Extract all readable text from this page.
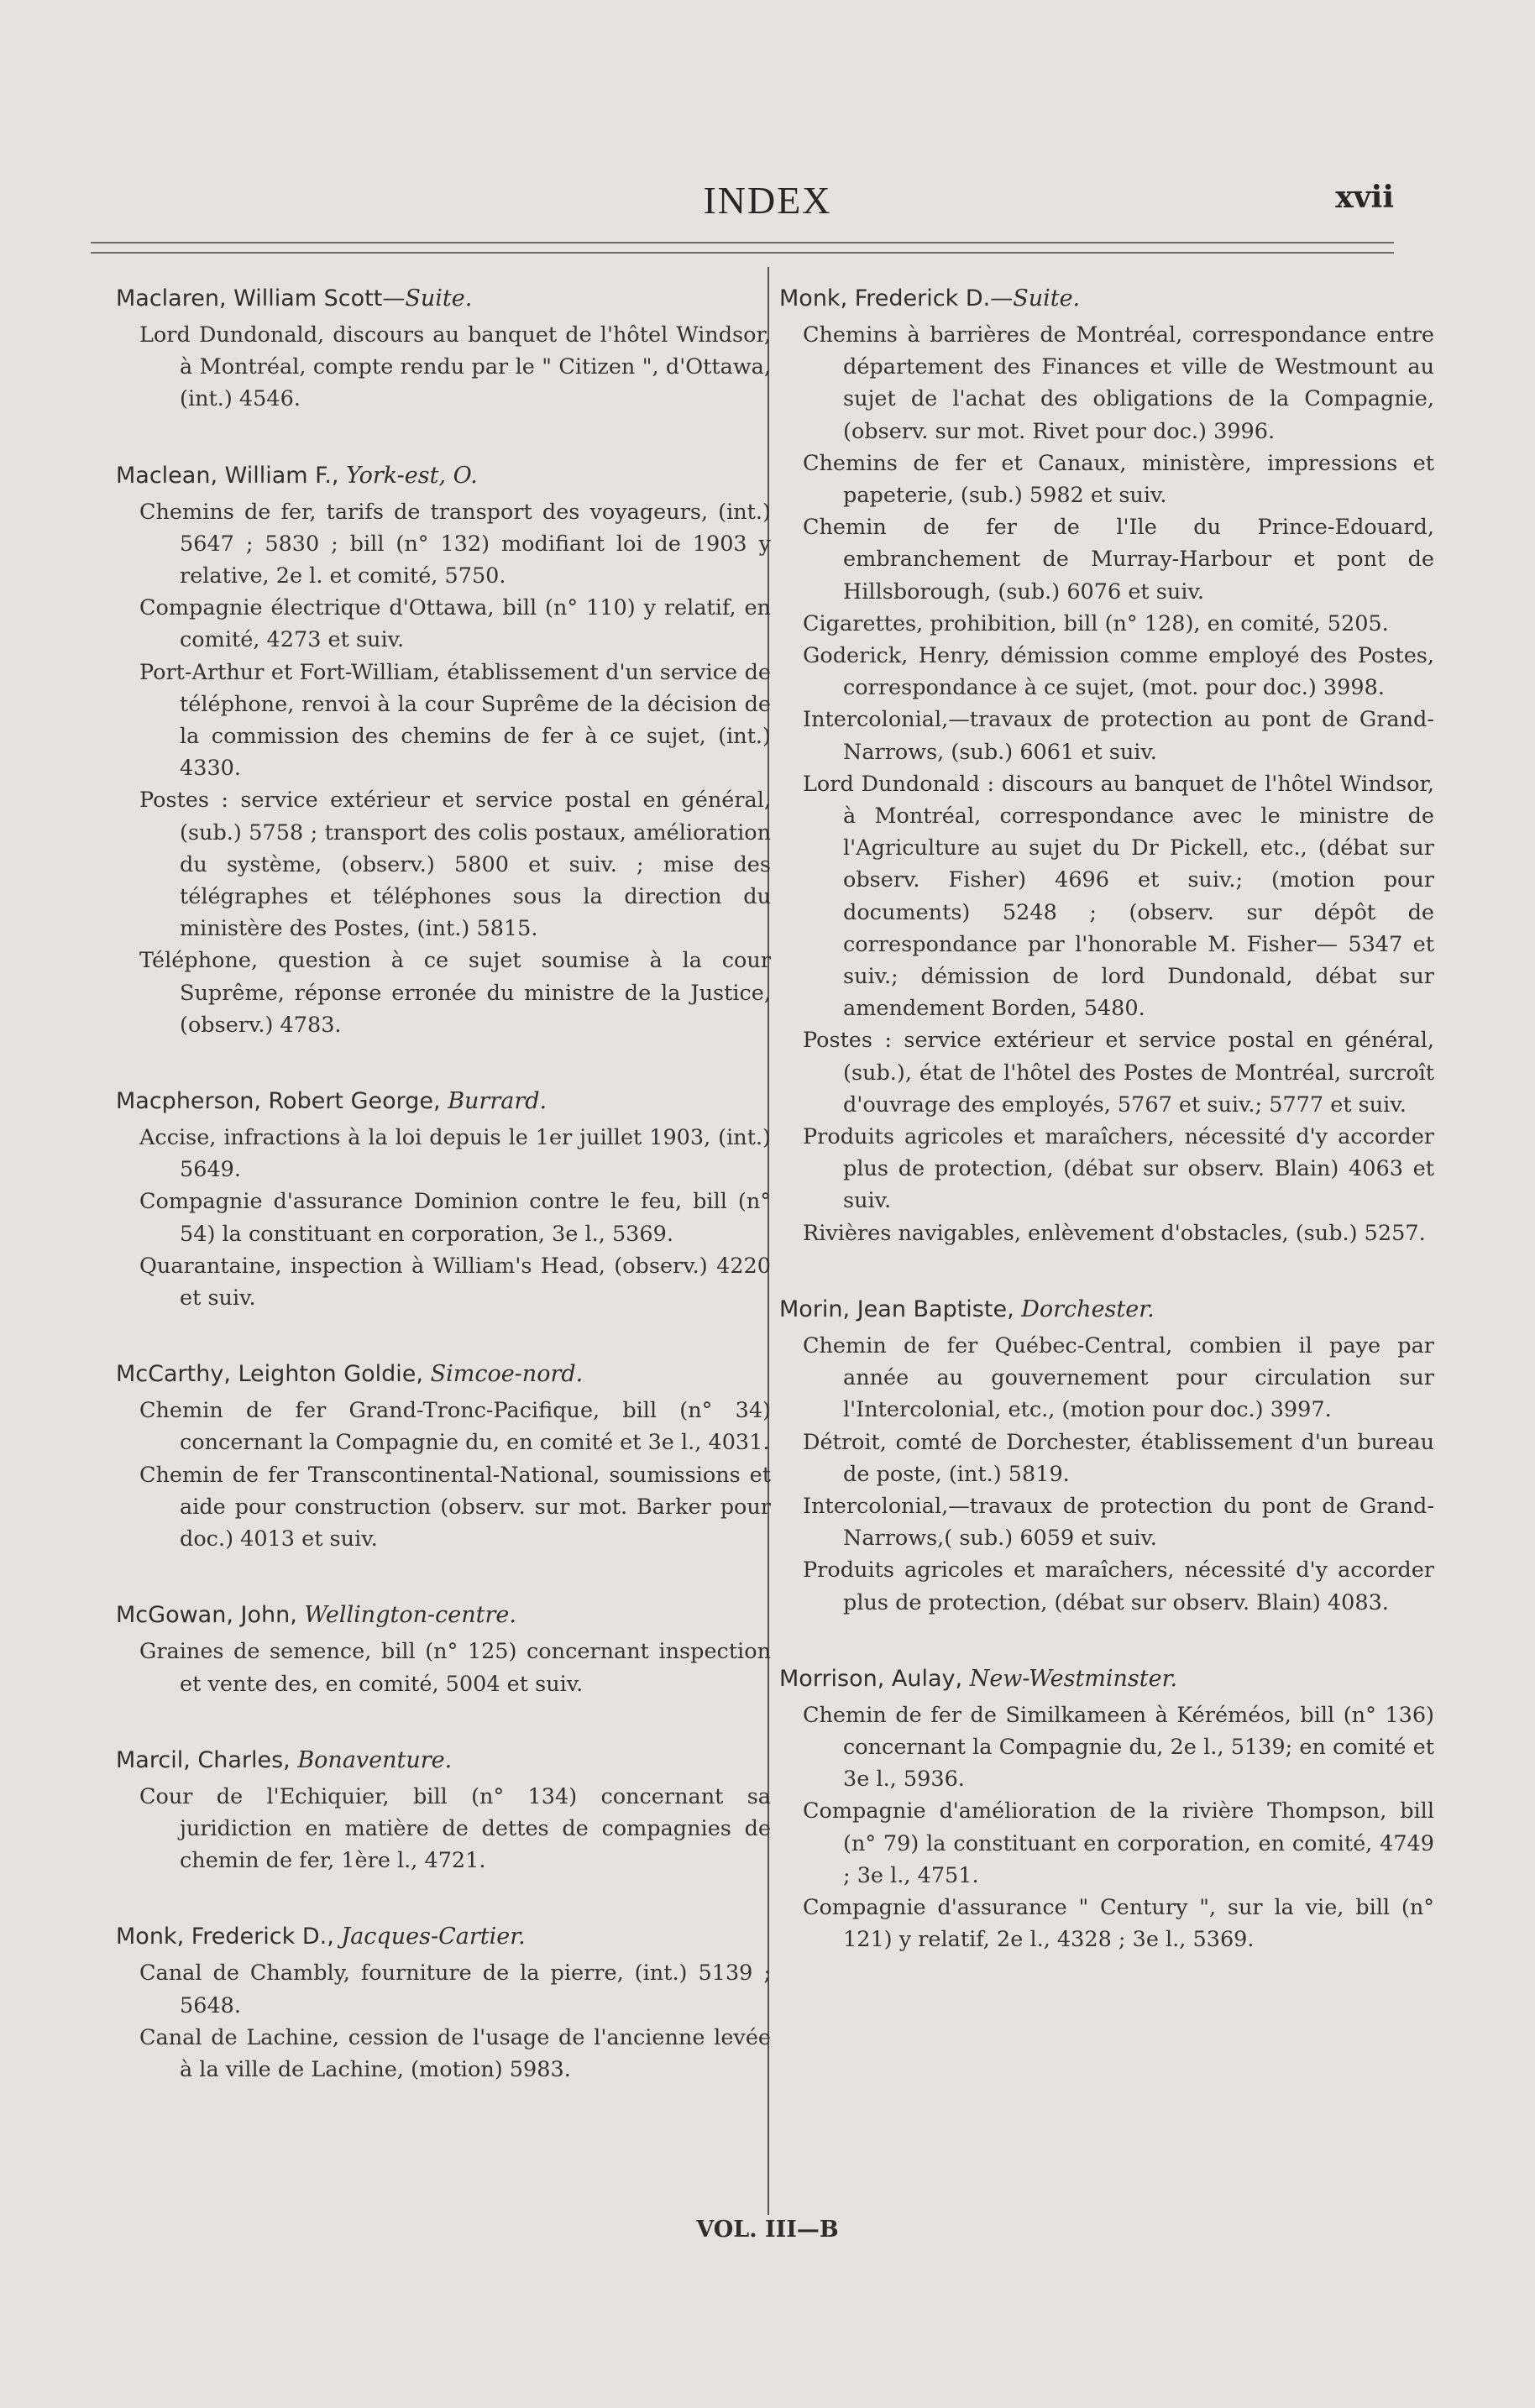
INDEX	xvii
Maclaren, William Scott—Suite.
Lord Dundonald, discours au banquet de l'hôtel Windsor, à Montréal, compte rendu par le " Citizen ", d'Ottawa, (int.) 4546.
Maclean, William F., York-est, O.
Chemins de fer, tarifs de transport des voyageurs, (int.) 5647 ; 5830 ; bill (n° 132) modifiant loi de 1903 y relative, 2e l. et comité, 5750.
Compagnie électrique d'Ottawa, bill (n° 110) y relatif, en comité, 4273 et suiv.
Port-Arthur et Fort-William, établissement d'un service de téléphone, renvoi à la cour Suprême de la décision de la commission des chemins de fer à ce sujet, (int.) 4330.
Postes : service extérieur et service postal en général, (sub.) 5758 ; transport des colis postaux, amélioration du système, (observ.) 5800 et suiv. ; mise des télégraphes et téléphones sous la direction du ministère des Postes, (int.) 5815.
Téléphone, question à ce sujet soumise à la cour Suprême, réponse erronée du ministre de la Justice, (observ.) 4783.
Macpherson, Robert George, Burrard.
Accise, infractions à la loi depuis le 1er juillet 1903, (int.) 5649.
Compagnie d'assurance Dominion contre le feu, bill (n° 54) la constituant en corporation, 3e l., 5369.
Quarantaine, inspection à William's Head, (observ.) 4220 et suiv.
McCarthy, Leighton Goldie, Simcoe-nord.
Chemin de fer Grand-Tronc-Pacifique, bill (n° 34) concernant la Compagnie du, en comité et 3e l., 4031.
Chemin de fer Transcontinental-National, soumissions et aide pour construction (observ. sur mot. Barker pour doc.) 4013 et suiv.
McGowan, John, Wellington-centre.
Graines de semence, bill (n° 125) concernant inspection et vente des, en comité, 5004 et suiv.
Marcil, Charles, Bonaventure.
Cour de l'Echiquier, bill (n° 134) concernant sa juridiction en matière de dettes de compagnies de chemin de fer, 1ère l., 4721.
Monk, Frederick D., Jacques-Cartier.
Canal de Chambly, fourniture de la pierre, (int.) 5139 ; 5648.
Canal de Lachine, cession de l'usage de l'ancienne levée à la ville de Lachine, (motion) 5983.
Monk, Frederick D.—Suite.
Chemins à barrières de Montréal, correspondance entre département des Finances et ville de Westmount au sujet de l'achat des obligations de la Compagnie, (observ. sur mot. Rivet pour doc.) 3996.
Chemins de fer et Canaux, ministère, impressions et papeterie, (sub.) 5982 et suiv.
Chemin de fer de l'Ile du Prince-Edouard, embranchement de Murray-Harbour et pont de Hillsborough, (sub.) 6076 et suiv.
Cigarettes, prohibition, bill (n° 128), en comité, 5205.
Goderick, Henry, démission comme employé des Postes, correspondance à ce sujet, (mot. pour doc.) 3998.
Intercolonial,—travaux de protection au pont de Grand-Narrows, (sub.) 6061 et suiv.
Lord Dundonald : discours au banquet de l'hôtel Windsor, à Montréal, correspondance avec le ministre de l'Agriculture au sujet du Dr Pickell, etc., (débat sur observ. Fisher) 4696 et suiv.; (motion pour documents) 5248 ; (observ. sur dépôt de correspondance par l'honorable M. Fisher— 5347 et suiv.; démission de lord Dundonald, débat sur amendement Borden, 5480.
Postes : service extérieur et service postal en général, (sub.), état de l'hôtel des Postes de Montréal, surcroît d'ouvrage des employés, 5767 et suiv.; 5777 et suiv.
Produits agricoles et maraîchers, nécessité d'y accorder plus de protection, (débat sur observ. Blain) 4063 et suiv.
Rivières navigables, enlèvement d'obstacles, (sub.) 5257.
Morin, Jean Baptiste, Dorchester.
Chemin de fer Québec-Central, combien il paye par année au gouvernement pour circulation sur l'Intercolonial, etc., (motion pour doc.) 3997.
Détroit, comté de Dorchester, établissement d'un bureau de poste, (int.) 5819.
Intercolonial,—travaux de protection du pont de Grand-Narrows,( sub.) 6059 et suiv.
Produits agricoles et maraîchers, nécessité d'y accorder plus de protection, (débat sur observ. Blain) 4083.
Morrison, Aulay, New-Westminster.
Chemin de fer de Similkameen à Kéréméos, bill (n° 136) concernant la Compagnie du, 2e l., 5139; en comité et 3e l., 5936.
Compagnie d'amélioration de la rivière Thompson, bill (n° 79) la constituant en corporation, en comité, 4749 ; 3e l., 4751.
Compagnie d'assurance " Century ", sur la vie, bill (n° 121) y relatif, 2e l., 4328 ; 3e l., 5369.
VOL. III—B
